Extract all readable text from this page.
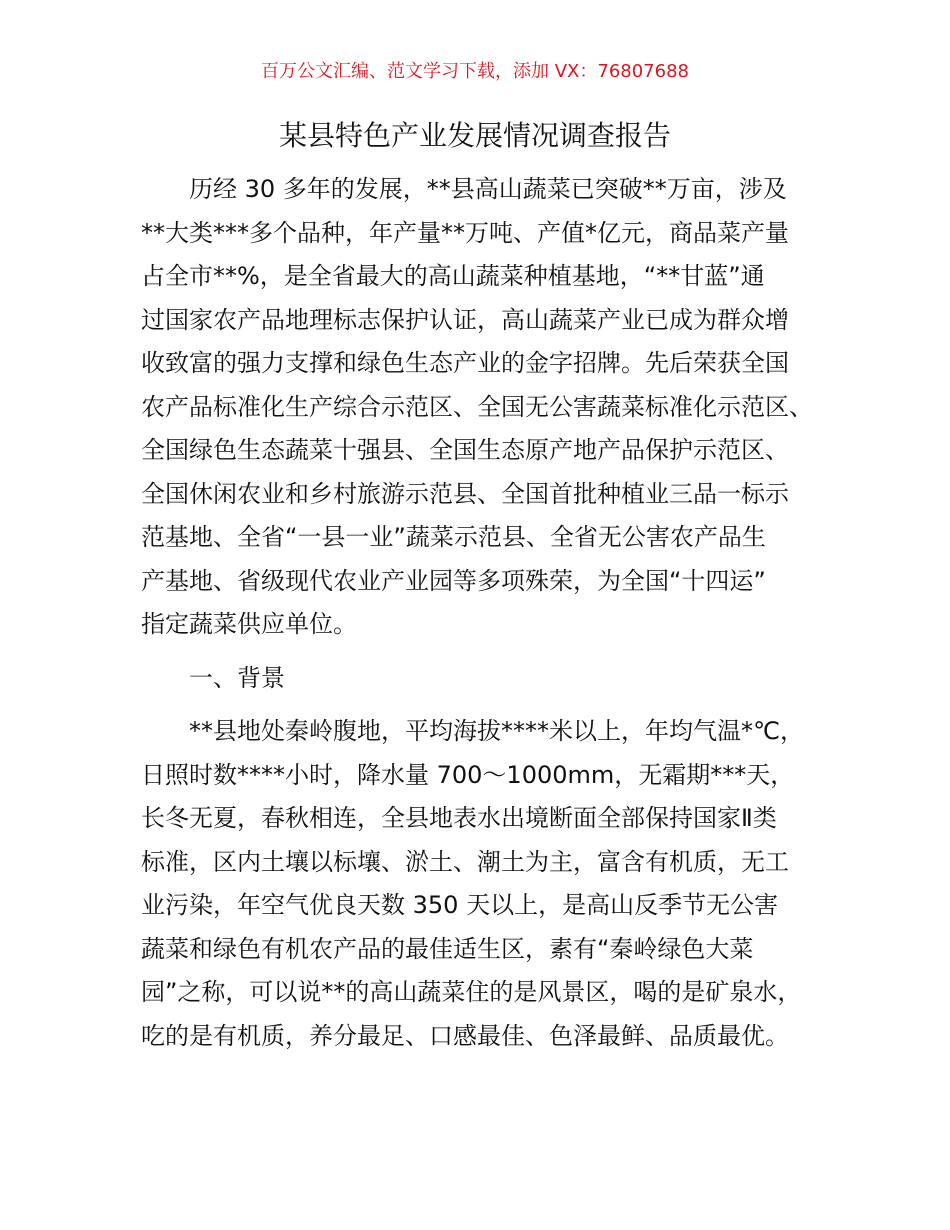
百万公文汇编、范文学习下载，添加 VX：76807688
某县特色产业发展情况调查报告
历经 30 多年的发展，**县高山蔬菜已突破**万亩，涉及
**大类***多个品种，年产量**万吨、产值*亿元，商品菜产量
占全市**%，是全省最大的高山蔬菜种植基地，“**甘蓝”通
过国家农产品地理标志保护认证，高山蔬菜产业已成为群众增
收致富的强力支撑和绿色生态产业的金字招牌。先后荣获全国
农产品标准化生产综合示范区、全国无公害蔬菜标准化示范区、
全国绿色生态蔬菜十强县、全国生态原产地产品保护示范区、
全国休闲农业和乡村旅游示范县、全国首批种植业三品一标示
范基地、全省“一县一业”蔬菜示范县、全省无公害农产品生
产基地、省级现代农业产业园等多项殊荣，为全国“十四运”
指定蔬菜供应单位。
一、背景
**县地处秦岭腹地，平均海拔****米以上，年均气温*℃，
日照时数****小时，降水量 700～1000mm，无霜期***天，
长冬无夏，春秋相连，全县地表水出境断面全部保持国家Ⅱ类
标准，区内土壤以标壤、淤土、潮土为主，富含有机质，无工
业污染，年空气优良天数 350 天以上，是高山反季节无公害
蔬菜和绿色有机农产品的最佳适生区，素有“秦岭绿色大菜
园”之称，可以说**的高山蔬菜住的是风景区，喝的是矿泉水，
吃的是有机质，养分最足、口感最佳、色泽最鲜、品质最优。
